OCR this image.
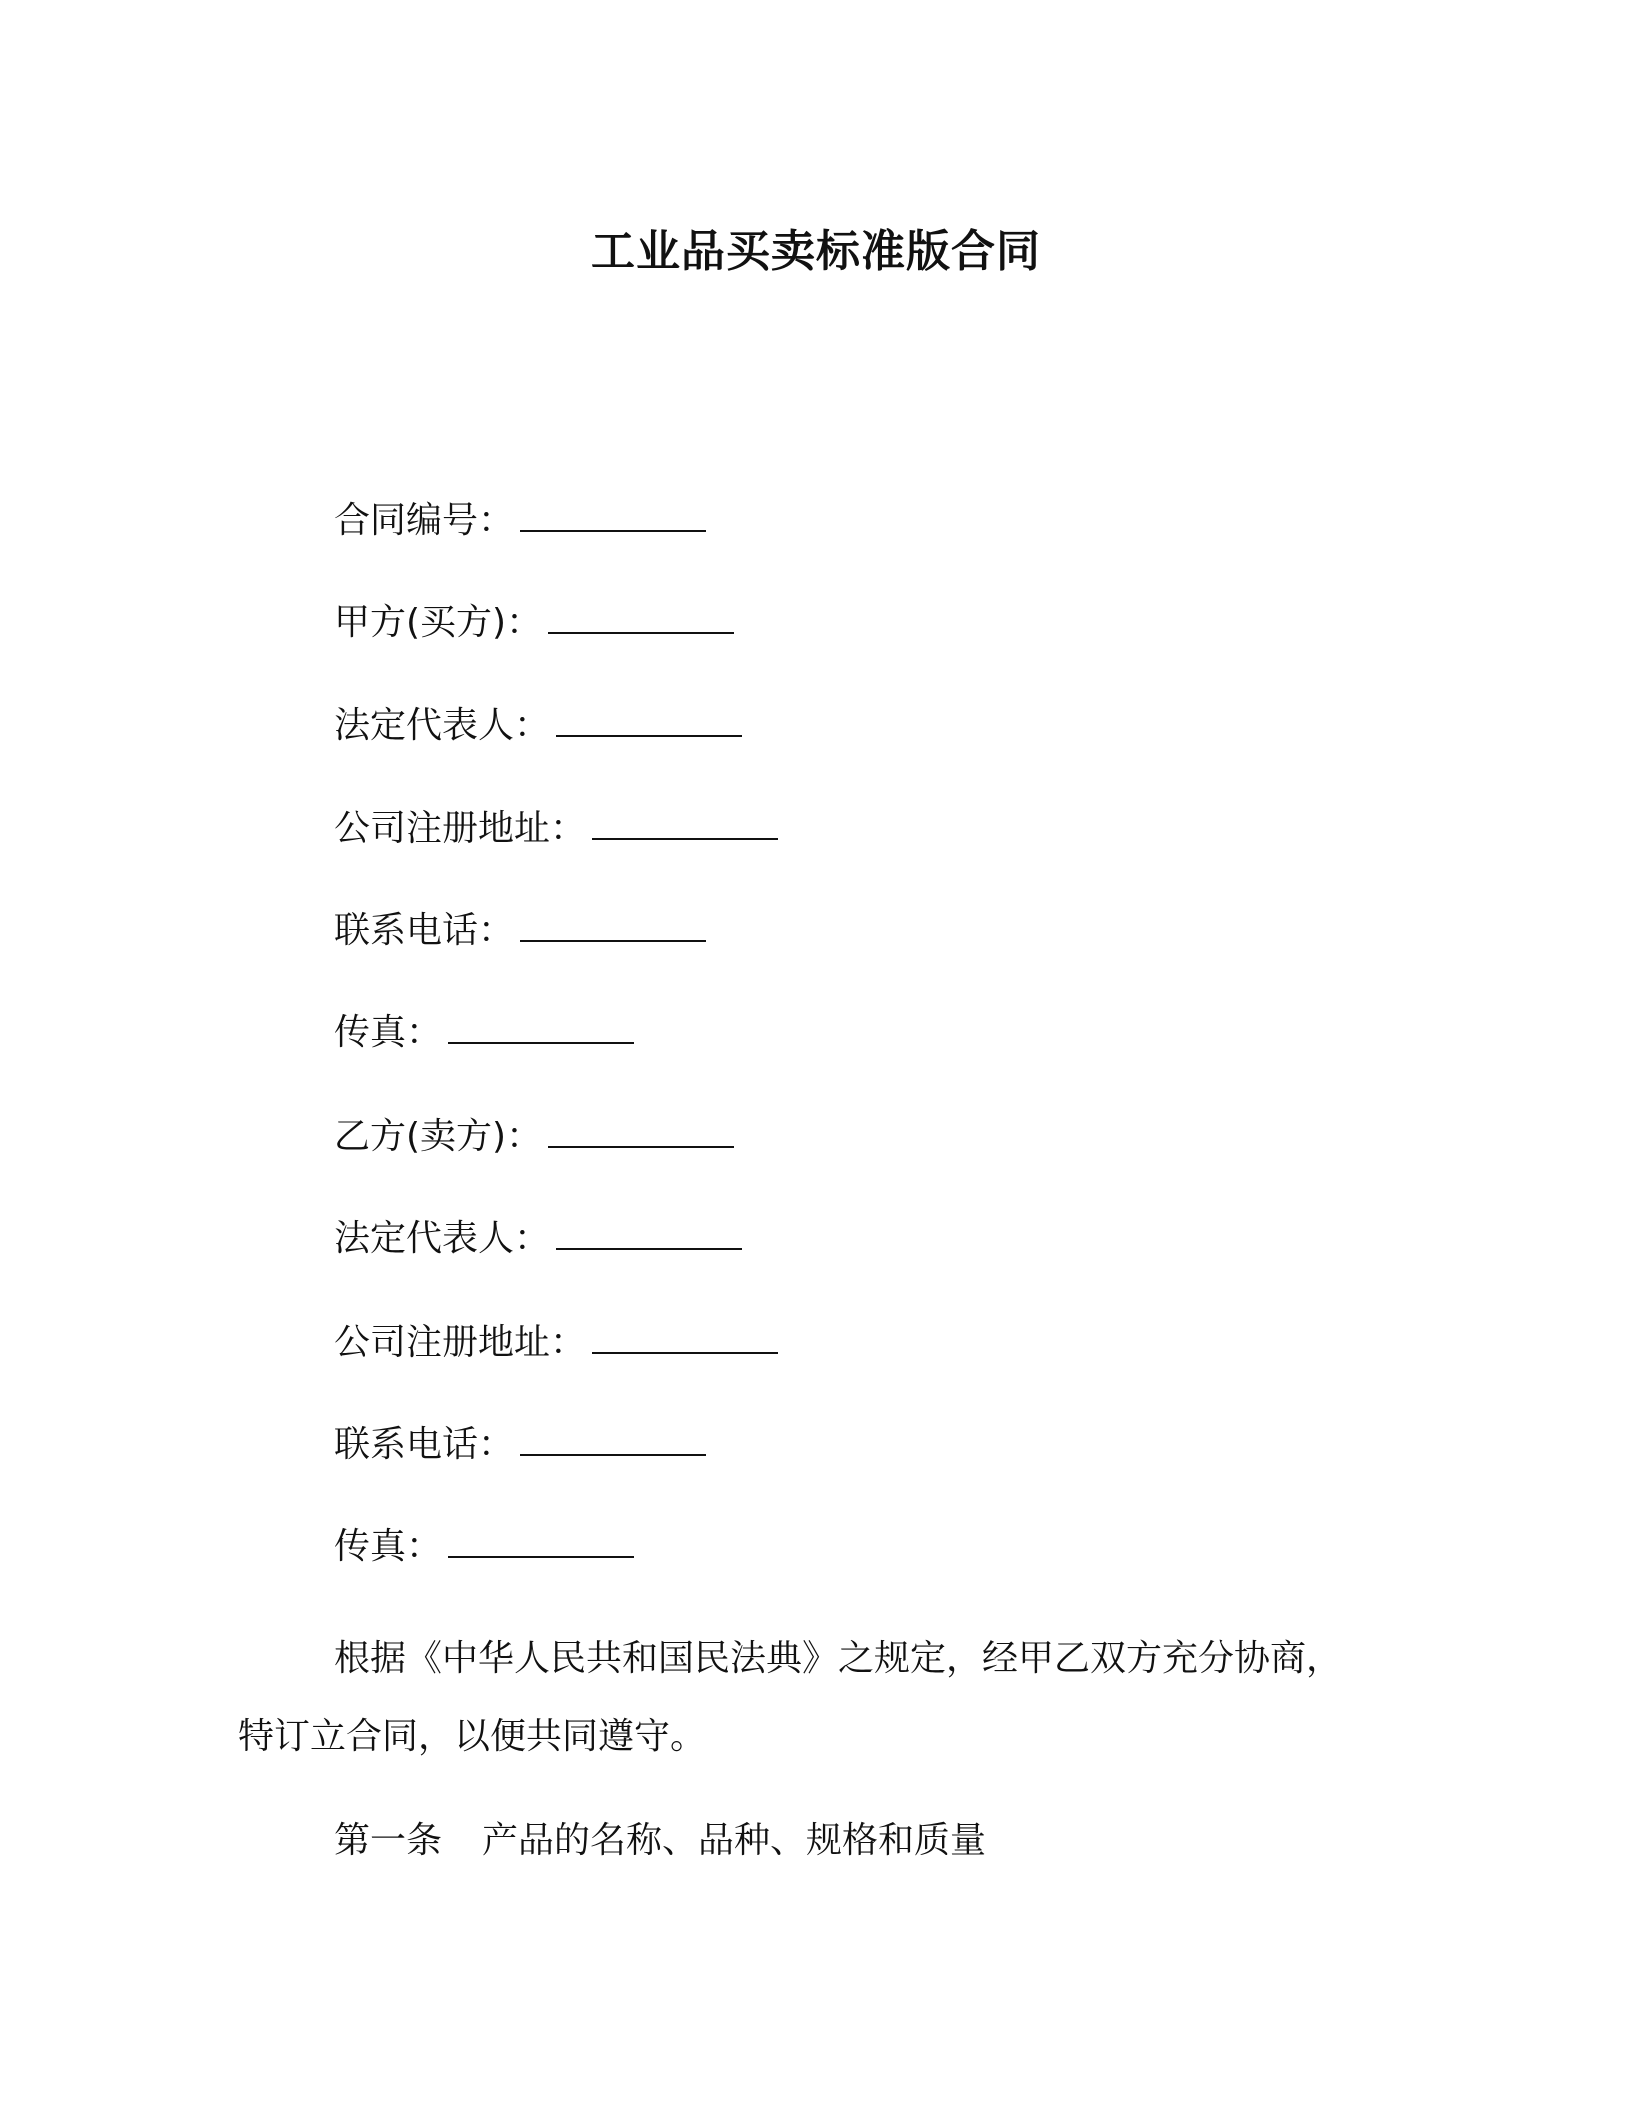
工业品买卖标准版合同
合同编号：
甲方(买方)：
法定代表人：
公司注册地址：
联系电话：
传真：
乙方(卖方)：
法定代表人：
公司注册地址：
联系电话：
传真：
根据《中华人民共和国民法典》之规定，经甲乙双方充分协商，
特订立合同，以便共同遵守。
第一条 产品的名称、品种、规格和质量
